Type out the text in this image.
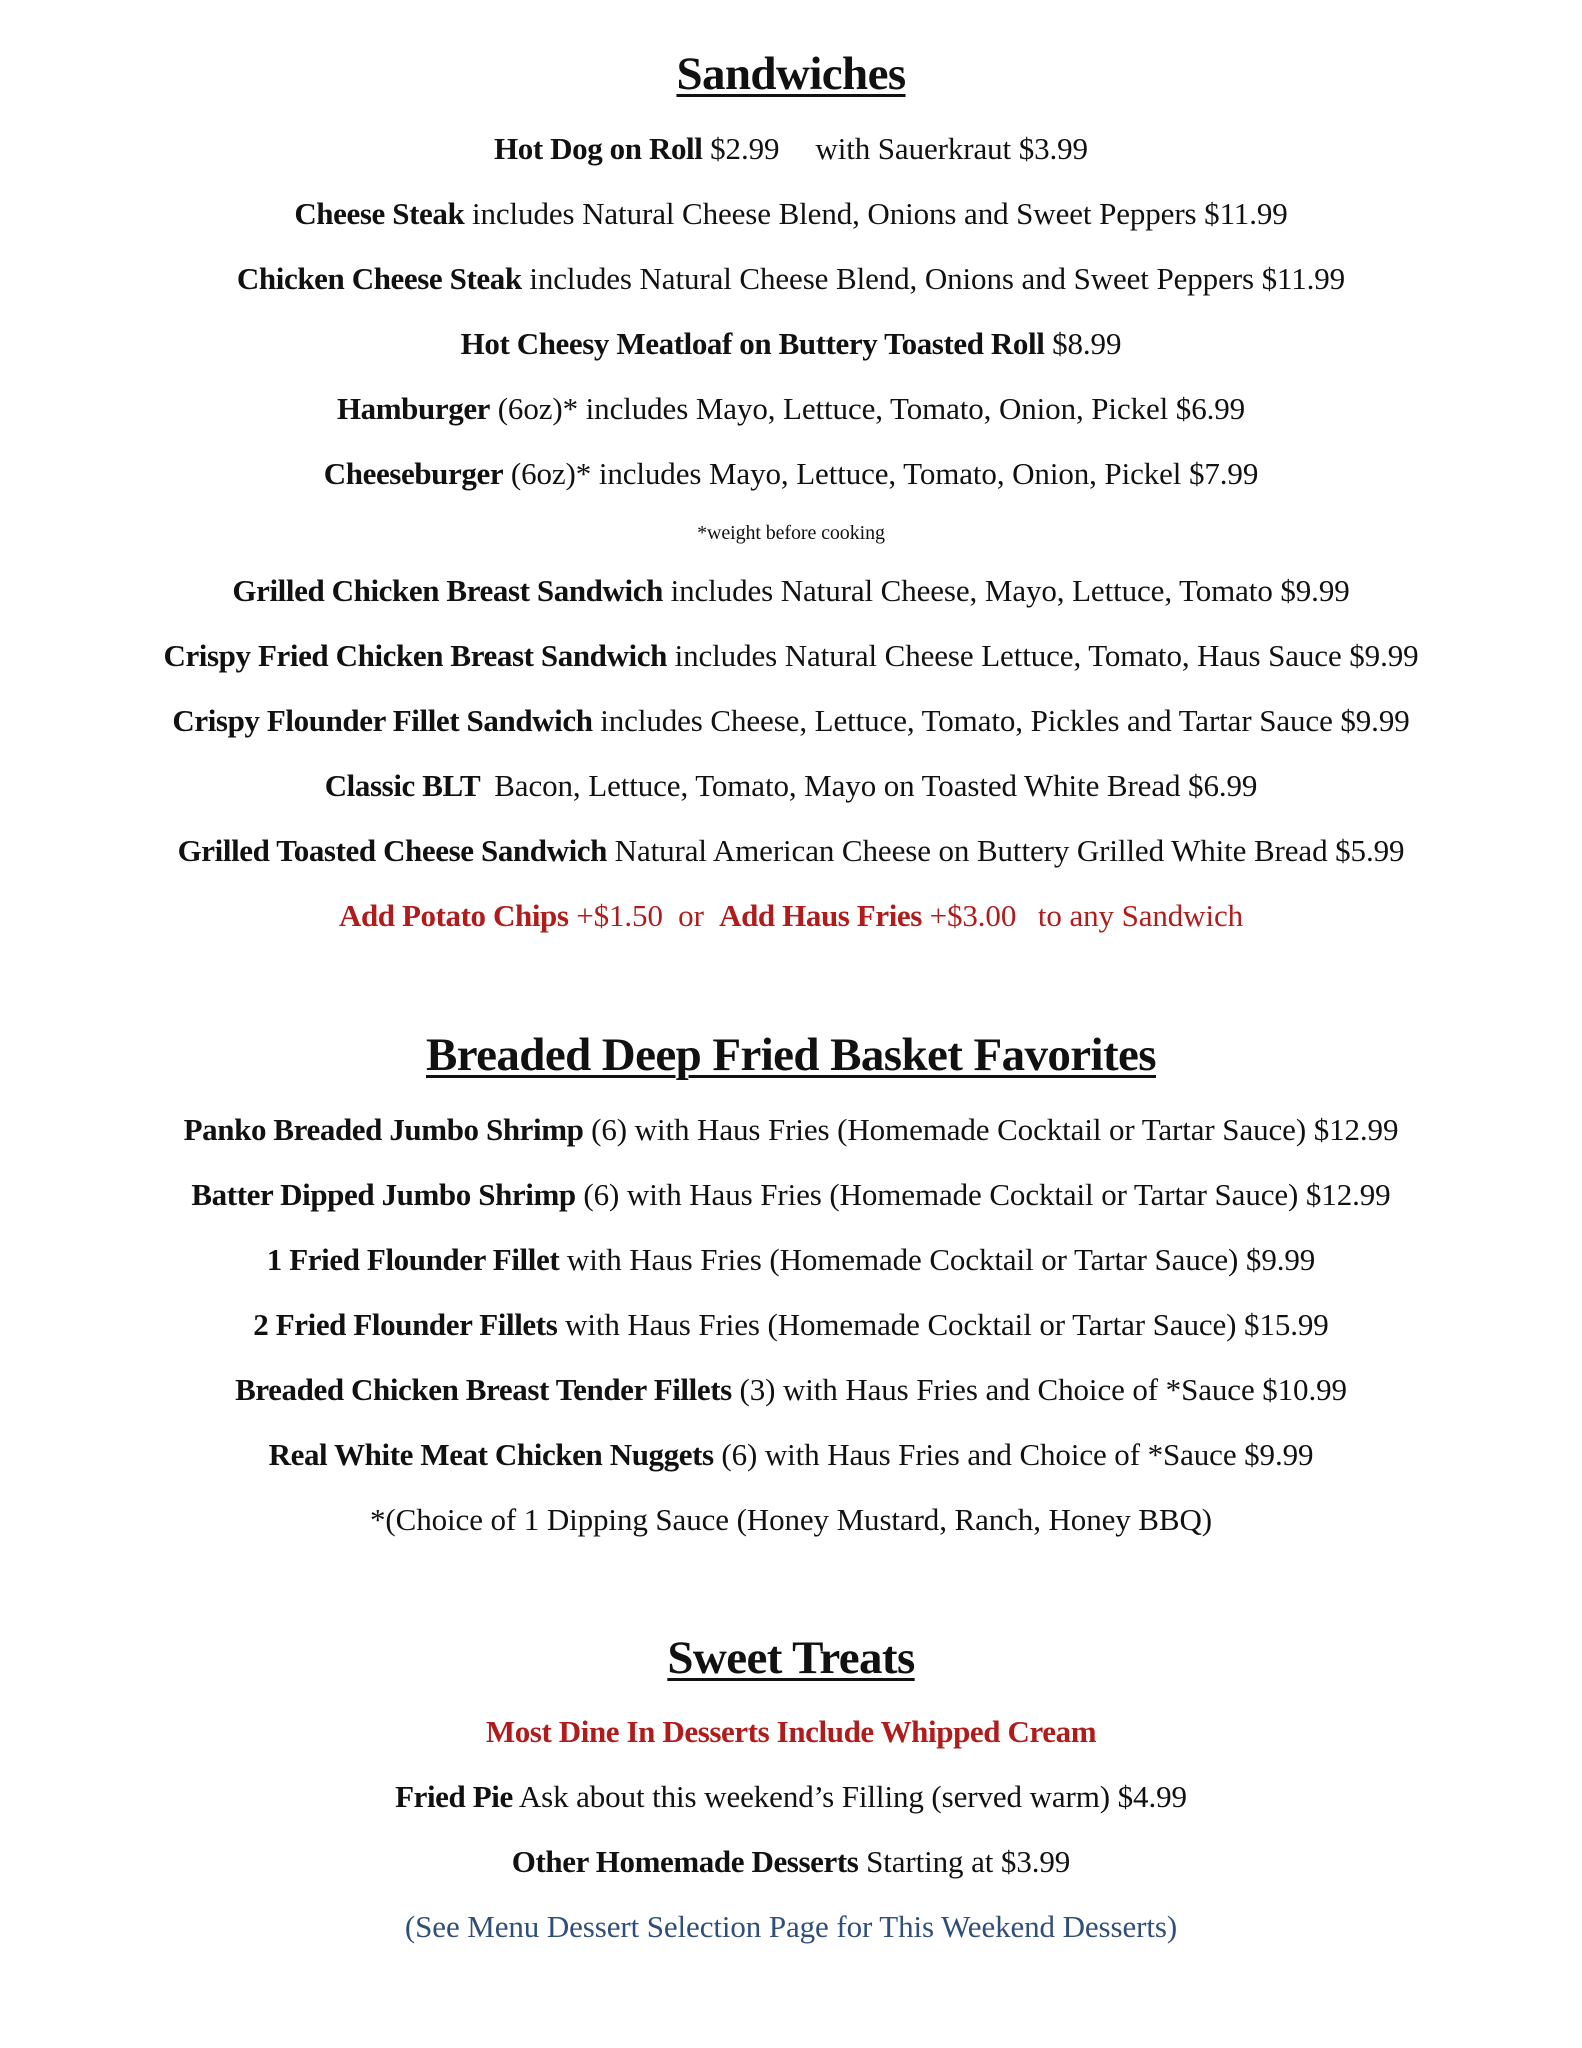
Sandwiches
Hot Dog on Roll $2.99 with Sauerkraut $3.99
Cheese Steak includes Natural Cheese Blend, Onions and Sweet Peppers $11.99
Chicken Cheese Steak includes Natural Cheese Blend, Onions and Sweet Peppers $11.99
Hot Cheesy Meatloaf on Buttery Toasted Roll $8.99
Hamburger (6oz)* includes Mayo, Lettuce, Tomato, Onion, Pickel $6.99
Cheeseburger (6oz)* includes Mayo, Lettuce, Tomato, Onion, Pickel $7.99
*weight before cooking
Grilled Chicken Breast Sandwich includes Natural Cheese, Mayo, Lettuce, Tomato $9.99
Crispy Fried Chicken Breast Sandwich includes Natural Cheese Lettuce, Tomato, Haus Sauce $9.99
Crispy Flounder Fillet Sandwich includes Cheese, Lettuce, Tomato, Pickles and Tartar Sauce $9.99
Classic BLT Bacon, Lettuce, Tomato, Mayo on Toasted White Bread $6.99
Grilled Toasted Cheese Sandwich Natural American Cheese on Buttery Grilled White Bread $5.99
Add Potato Chips +$1.50 or Add Haus Fries +$3.00 to any Sandwich
Breaded Deep Fried Basket Favorites
Panko Breaded Jumbo Shrimp (6) with Haus Fries (Homemade Cocktail or Tartar Sauce) $12.99
Batter Dipped Jumbo Shrimp (6) with Haus Fries (Homemade Cocktail or Tartar Sauce) $12.99
1 Fried Flounder Fillet with Haus Fries (Homemade Cocktail or Tartar Sauce) $9.99
2 Fried Flounder Fillets with Haus Fries (Homemade Cocktail or Tartar Sauce) $15.99
Breaded Chicken Breast Tender Fillets (3) with Haus Fries and Choice of *Sauce $10.99
Real White Meat Chicken Nuggets (6) with Haus Fries and Choice of *Sauce $9.99
*(Choice of 1 Dipping Sauce (Honey Mustard, Ranch, Honey BBQ)
Sweet Treats
Most Dine In Desserts Include Whipped Cream
Fried Pie Ask about this weekend’s Filling (served warm) $4.99
Other Homemade Desserts Starting at $3.99
(See Menu Dessert Selection Page for This Weekend Desserts)
